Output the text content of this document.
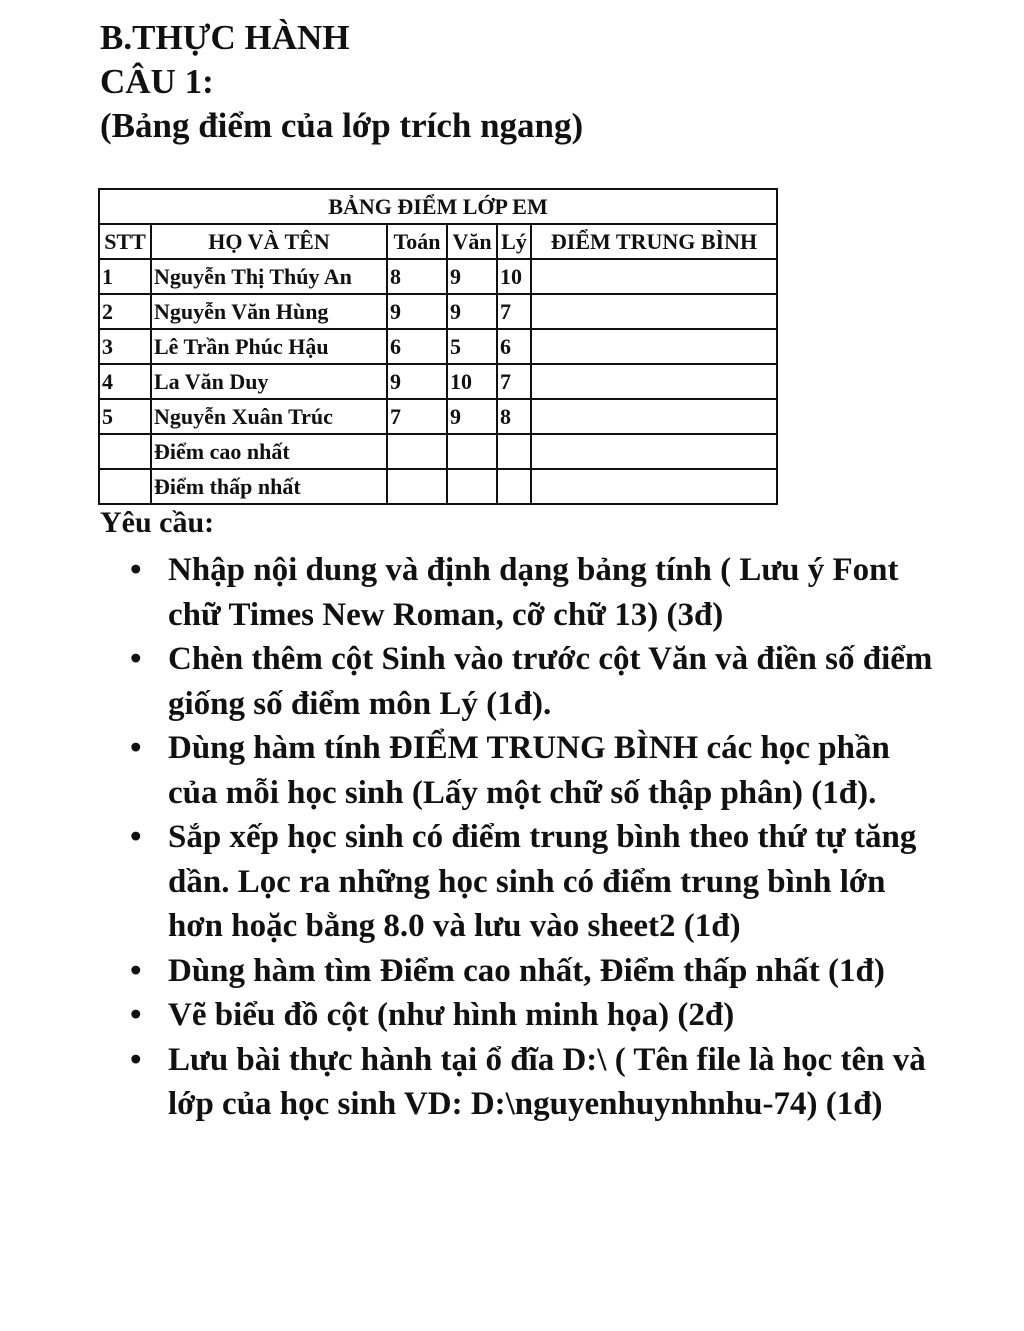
B.THỰC HÀNH

CÂU 1:

(Bảng điểm của lớp trích ngang)

BẢNG ĐIỂM LỚP EM					
STT	HỌ VÀ TÊN	Toán	Văn	Lý	ĐIỂM TRUNG BÌNH
1	Nguyễn Thị Thúy An	8	9	10	
2	Nguyễn Văn Hùng	9	9	7	
3	Lê Trần Phúc Hậu	6	5	6	
4	La Văn Duy	9	10	7	
5	Nguyễn Xuân Trúc	7	9	8	
	Điểm cao nhất				
	Điểm thấp nhất				

Yêu cầu:

• Nhập nội dung và định dạng bảng tính ( Lưu ý Font chữ Times New Roman, cỡ chữ 13) (3đ)
• Chèn thêm cột Sinh vào trước cột Văn và điền số điểm giống số điểm môn Lý (1đ).
• Dùng hàm tính ĐIỂM TRUNG BÌNH các học phần của mỗi học sinh (Lấy một chữ số thập phân) (1đ).
• Sắp xếp học sinh có điểm trung bình theo thứ tự tăng dần. Lọc ra những học sinh có điểm trung bình lớn hơn hoặc bằng 8.0 và lưu vào sheet2 (1đ)
• Dùng hàm tìm Điểm cao nhất, Điểm thấp nhất (1đ)
• Vẽ biểu đồ cột (như hình minh họa) (2đ)
• Lưu bài thực hành tại ổ đĩa D:\ ( Tên file là học tên và lớp của học sinh VD: D:\nguyenhuynhnhu-74) (1đ)
